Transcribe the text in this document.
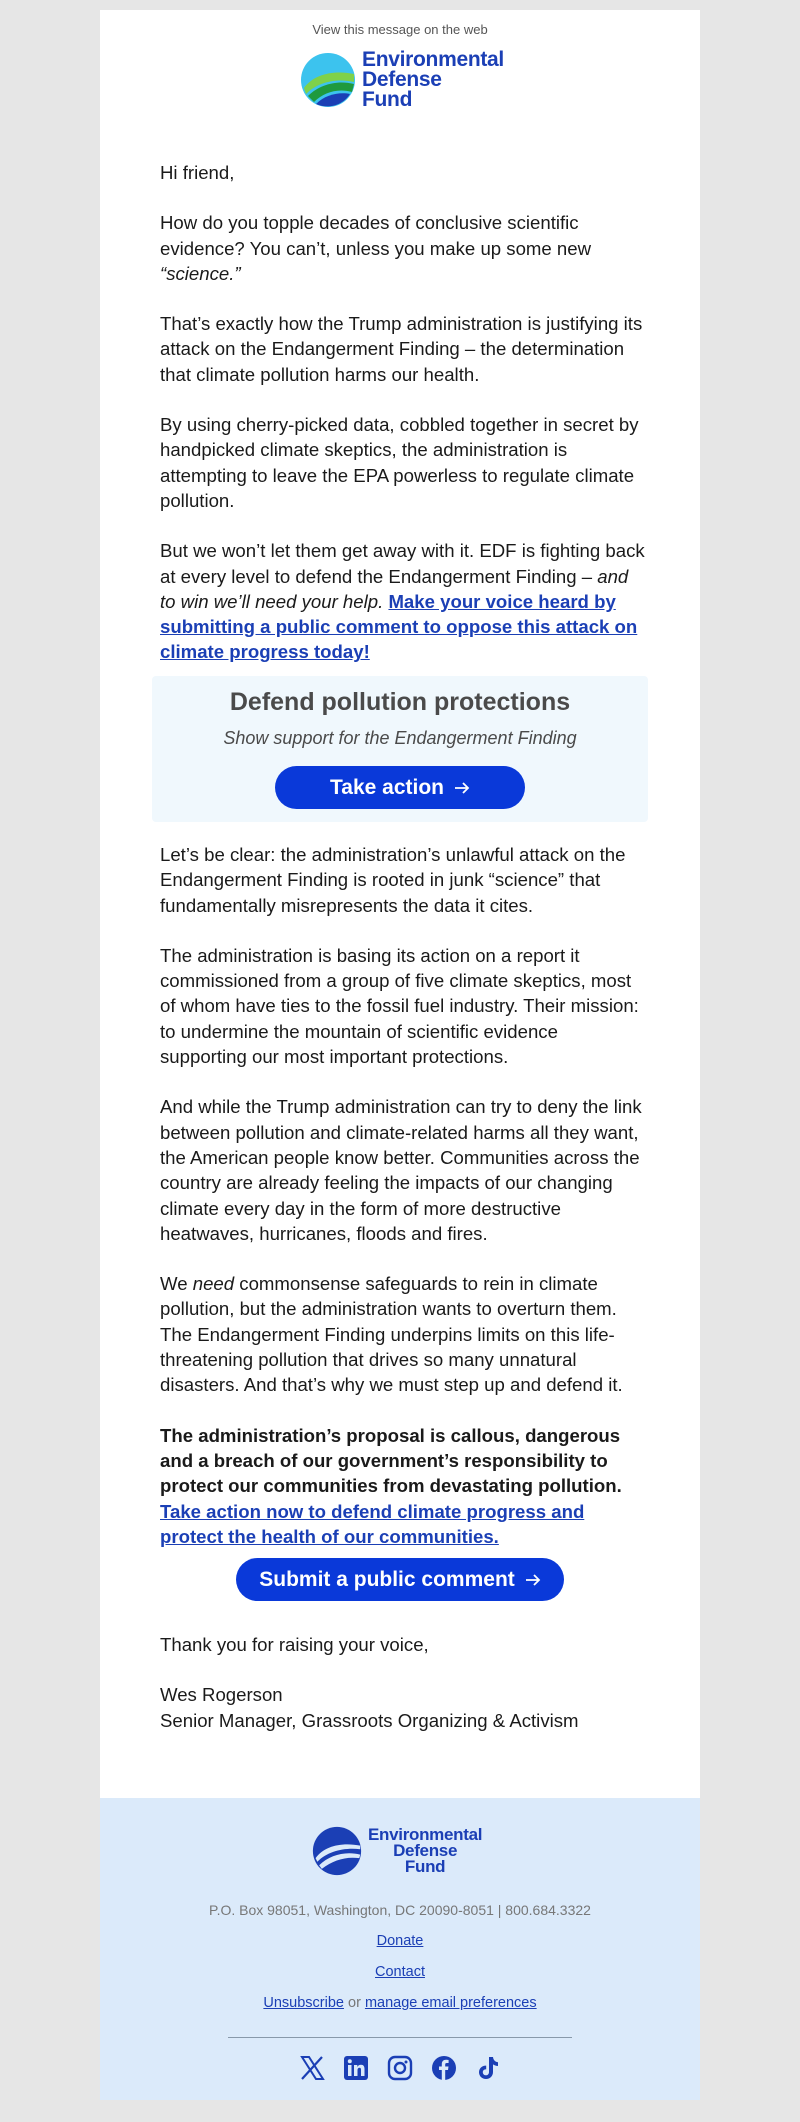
View this message on the web
Environmental
Defense
Fund

Hi friend,

How do you topple decades of conclusive scientific evidence? You can’t, unless you make up some new “science.”

That’s exactly how the Trump administration is justifying its attack on the Endangerment Finding – the determination that climate pollution harms our health.

By using cherry-picked data, cobbled together in secret by handpicked climate skeptics, the administration is attempting to leave the EPA powerless to regulate climate pollution.

But we won’t let them get away with it. EDF is fighting back at every level to defend the Endangerment Finding – and to win we’ll need your help. Make your voice heard by submitting a public comment to oppose this attack on climate progress today!

Defend pollution protections
Show support for the Endangerment Finding
Take action

Let’s be clear: the administration’s unlawful attack on the Endangerment Finding is rooted in junk “science” that fundamentally misrepresents the data it cites.

The administration is basing its action on a report it commissioned from a group of five climate skeptics, most of whom have ties to the fossil fuel industry. Their mission: to undermine the mountain of scientific evidence supporting our most important protections.

And while the Trump administration can try to deny the link between pollution and climate-related harms all they want, the American people know better. Communities across the country are already feeling the impacts of our changing climate every day in the form of more destructive heatwaves, hurricanes, floods and fires.

We need commonsense safeguards to rein in climate pollution, but the administration wants to overturn them. The Endangerment Finding underpins limits on this life-threatening pollution that drives so many unnatural disasters. And that’s why we must step up and defend it.

The administration’s proposal is callous, dangerous and a breach of our government’s responsibility to protect our communities from devastating pollution. Take action now to defend climate progress and protect the health of our communities.

Submit a public comment

Thank you for raising your voice,

Wes Rogerson
Senior Manager, Grassroots Organizing & Activism
Environmental
Defense
Fund
P.O. Box 98051, Washington, DC 20090-8051 | 800.684.3322
Donate
Contact
Unsubscribe or manage email preferences
